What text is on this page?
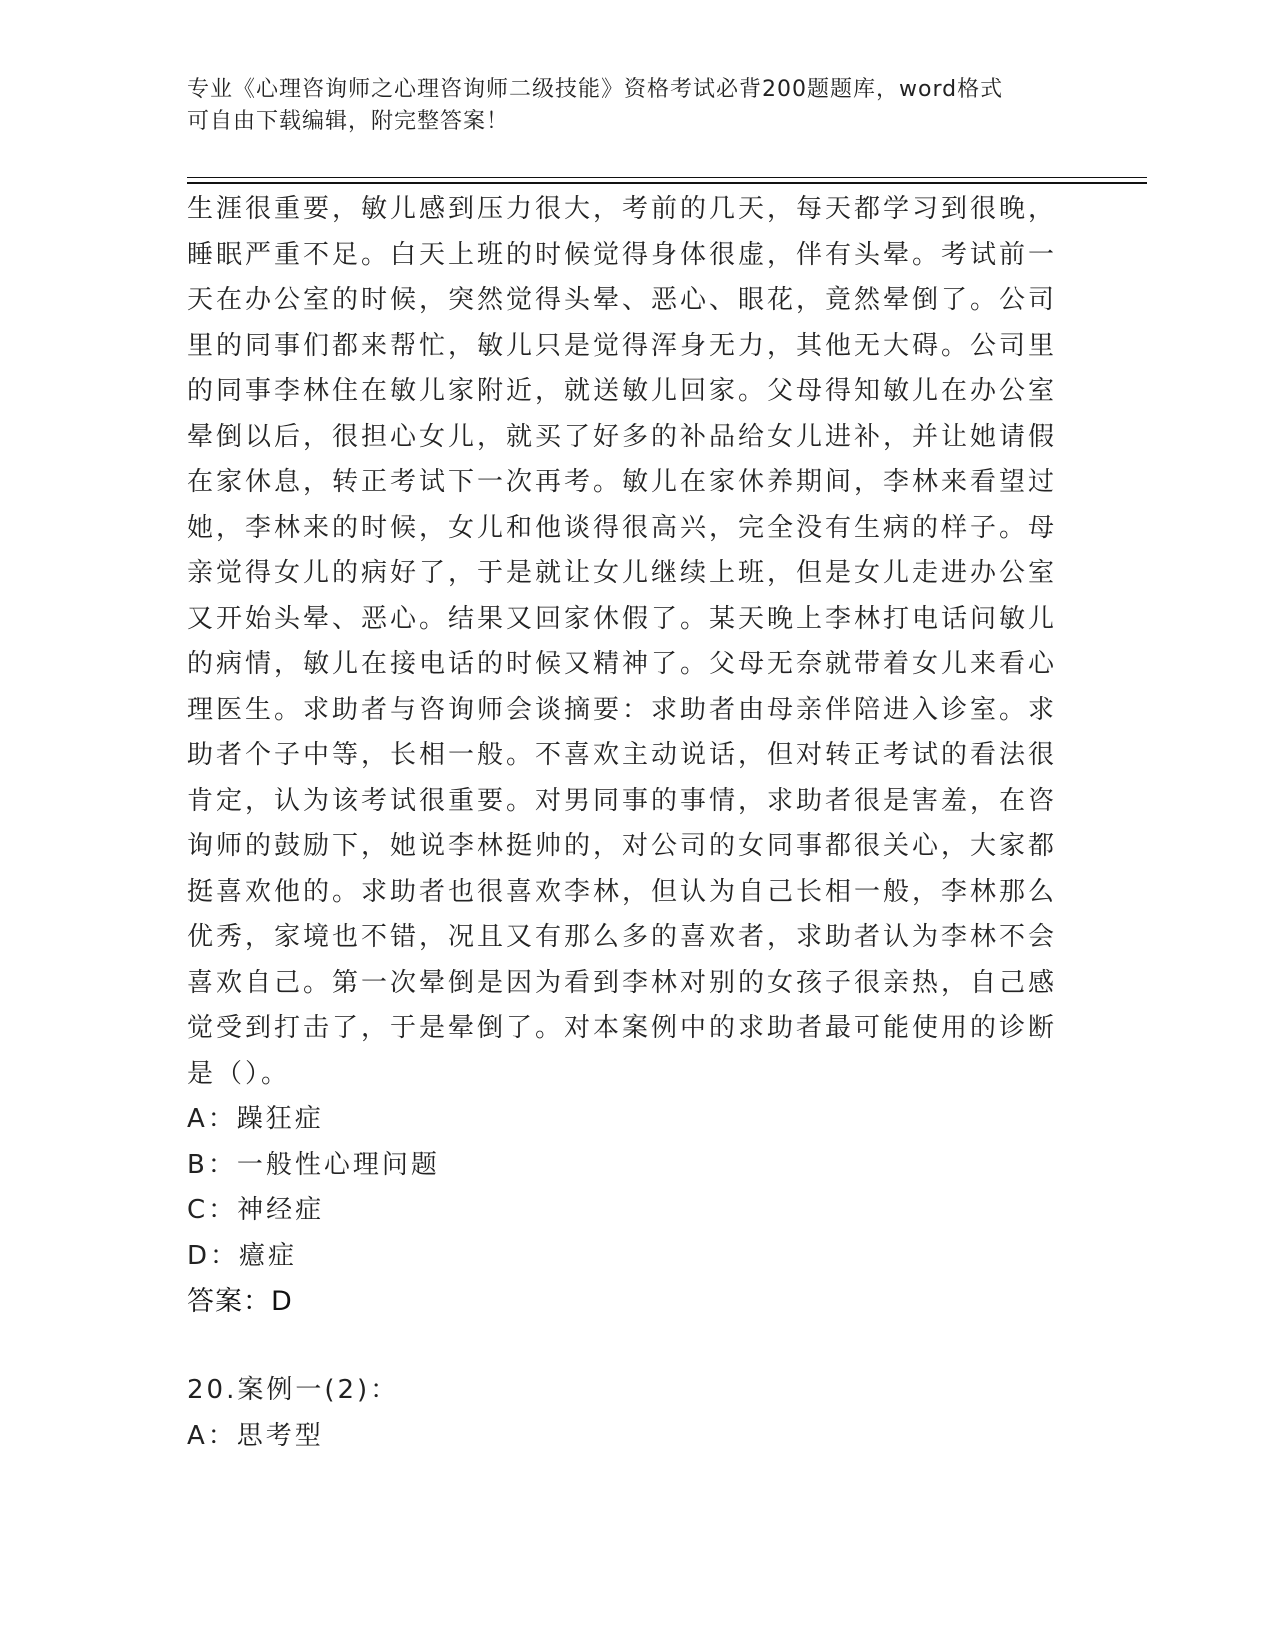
专业《心理咨询师之心理咨询师二级技能》资格考试必背200题题库，word格式

可自由下载编辑，附完整答案！

生涯很重要，敏儿感到压力很大，考前的几天，每天都学习到很晚，

睡眠严重不足。白天上班的时候觉得身体很虚，伴有头晕。考试前一

天在办公室的时候，突然觉得头晕、恶心、眼花，竟然晕倒了。公司

里的同事们都来帮忙，敏儿只是觉得浑身无力，其他无大碍。公司里

的同事李林住在敏儿家附近，就送敏儿回家。父母得知敏儿在办公室

晕倒以后，很担心女儿，就买了好多的补品给女儿进补，并让她请假

在家休息，转正考试下一次再考。敏儿在家休养期间，李林来看望过

她，李林来的时候，女儿和他谈得很高兴，完全没有生病的样子。母

亲觉得女儿的病好了，于是就让女儿继续上班，但是女儿走进办公室

又开始头晕、恶心。结果又回家休假了。某天晚上李林打电话问敏儿

的病情，敏儿在接电话的时候又精神了。父母无奈就带着女儿来看心

理医生。求助者与咨询师会谈摘要：求助者由母亲伴陪进入诊室。求

助者个子中等，长相一般。不喜欢主动说话，但对转正考试的看法很

肯定，认为该考试很重要。对男同事的事情，求助者很是害羞，在咨

询师的鼓励下，她说李林挺帅的，对公司的女同事都很关心，大家都

挺喜欢他的。求助者也很喜欢李林，但认为自己长相一般，李林那么

优秀，家境也不错，况且又有那么多的喜欢者，求助者认为李林不会

喜欢自己。第一次晕倒是因为看到李林对别的女孩子很亲热，自己感

觉受到打击了，于是晕倒了。对本案例中的求助者最可能使用的诊断

是（）。

A：躁狂症

B：一般性心理问题

C：神经症

D：癔症

答案：D

20.案例一(2)：

A：思考型
